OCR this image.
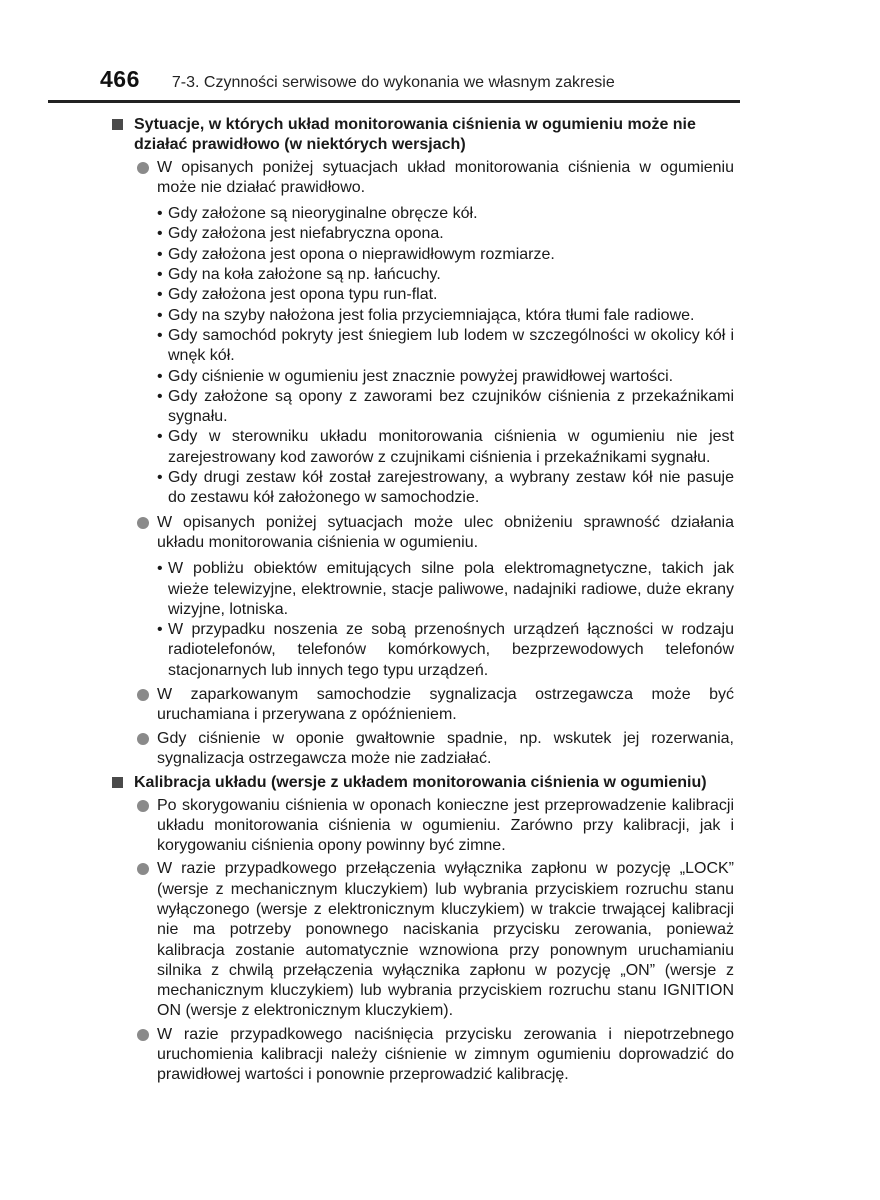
466 7-3. Czynności serwisowe do wykonania we własnym zakresie
Sytuacje, w których układ monitorowania ciśnienia w ogumieniu może nie działać prawidłowo (w niektórych wersjach)
W opisanych poniżej sytuacjach układ monitorowania ciśnienia w ogumieniu może nie działać prawidłowo.
• Gdy założone są nieoryginalne obręcze kół.
• Gdy założona jest niefabryczna opona.
• Gdy założona jest opona o nieprawidłowym rozmiarze.
• Gdy na koła założone są np. łańcuchy.
• Gdy założona jest opona typu run-flat.
• Gdy na szyby nałożona jest folia przyciemniająca, która tłumi fale radiowe.
• Gdy samochód pokryty jest śniegiem lub lodem w szczególności w okolicy kół i wnęk kół.
• Gdy ciśnienie w ogumieniu jest znacznie powyżej prawidłowej wartości.
• Gdy założone są opony z zaworami bez czujników ciśnienia z przekaźnikami sygnału.
• Gdy w sterowniku układu monitorowania ciśnienia w ogumieniu nie jest zarejestrowany kod zaworów z czujnikami ciśnienia i przekaźnikami sygnału.
• Gdy drugi zestaw kół został zarejestrowany, a wybrany zestaw kół nie pasuje do zestawu kół założonego w samochodzie.
W opisanych poniżej sytuacjach może ulec obniżeniu sprawność działania układu monitorowania ciśnienia w ogumieniu.
• W pobliżu obiektów emitujących silne pola elektromagnetyczne, takich jak wieże telewizyjne, elektrownie, stacje paliwowe, nadajniki radiowe, duże ekrany wizyjne, lotniska.
• W przypadku noszenia ze sobą przenośnych urządzeń łączności w rodzaju radiotelefonów, telefonów komórkowych, bezprzewodowych telefonów stacjonarnych lub innych tego typu urządzeń.
W zaparkowanym samochodzie sygnalizacja ostrzegawcza może być uruchamiana i przerywana z opóźnieniem.
Gdy ciśnienie w oponie gwałtownie spadnie, np. wskutek jej rozerwania, sygnalizacja ostrzegawcza może nie zadziałać.
Kalibracja układu (wersje z układem monitorowania ciśnienia w ogumieniu)
Po skorygowaniu ciśnienia w oponach konieczne jest przeprowadzenie kalibracji układu monitorowania ciśnienia w ogumieniu. Zarówno przy kalibracji, jak i korygowaniu ciśnienia opony powinny być zimne.
W razie przypadkowego przełączenia wyłącznika zapłonu w pozycję „LOCK” (wersje z mechanicznym kluczykiem) lub wybrania przyciskiem rozruchu stanu wyłączonego (wersje z elektronicznym kluczykiem) w trakcie trwającej kalibracji nie ma potrzeby ponownego naciskania przycisku zerowania, ponieważ kalibracja zostanie automatycznie wznowiona przy ponownym uruchamianiu silnika z chwilą przełączenia wyłącznika zapłonu w pozycję „ON” (wersje z mechanicznym kluczykiem) lub wybrania przyciskiem rozruchu stanu IGNITION ON (wersje z elektronicznym kluczykiem).
W razie przypadkowego naciśnięcia przycisku zerowania i niepotrzebnego uruchomienia kalibracji należy ciśnienie w zimnym ogumieniu doprowadzić do prawidłowej wartości i ponownie przeprowadzić kalibrację.
